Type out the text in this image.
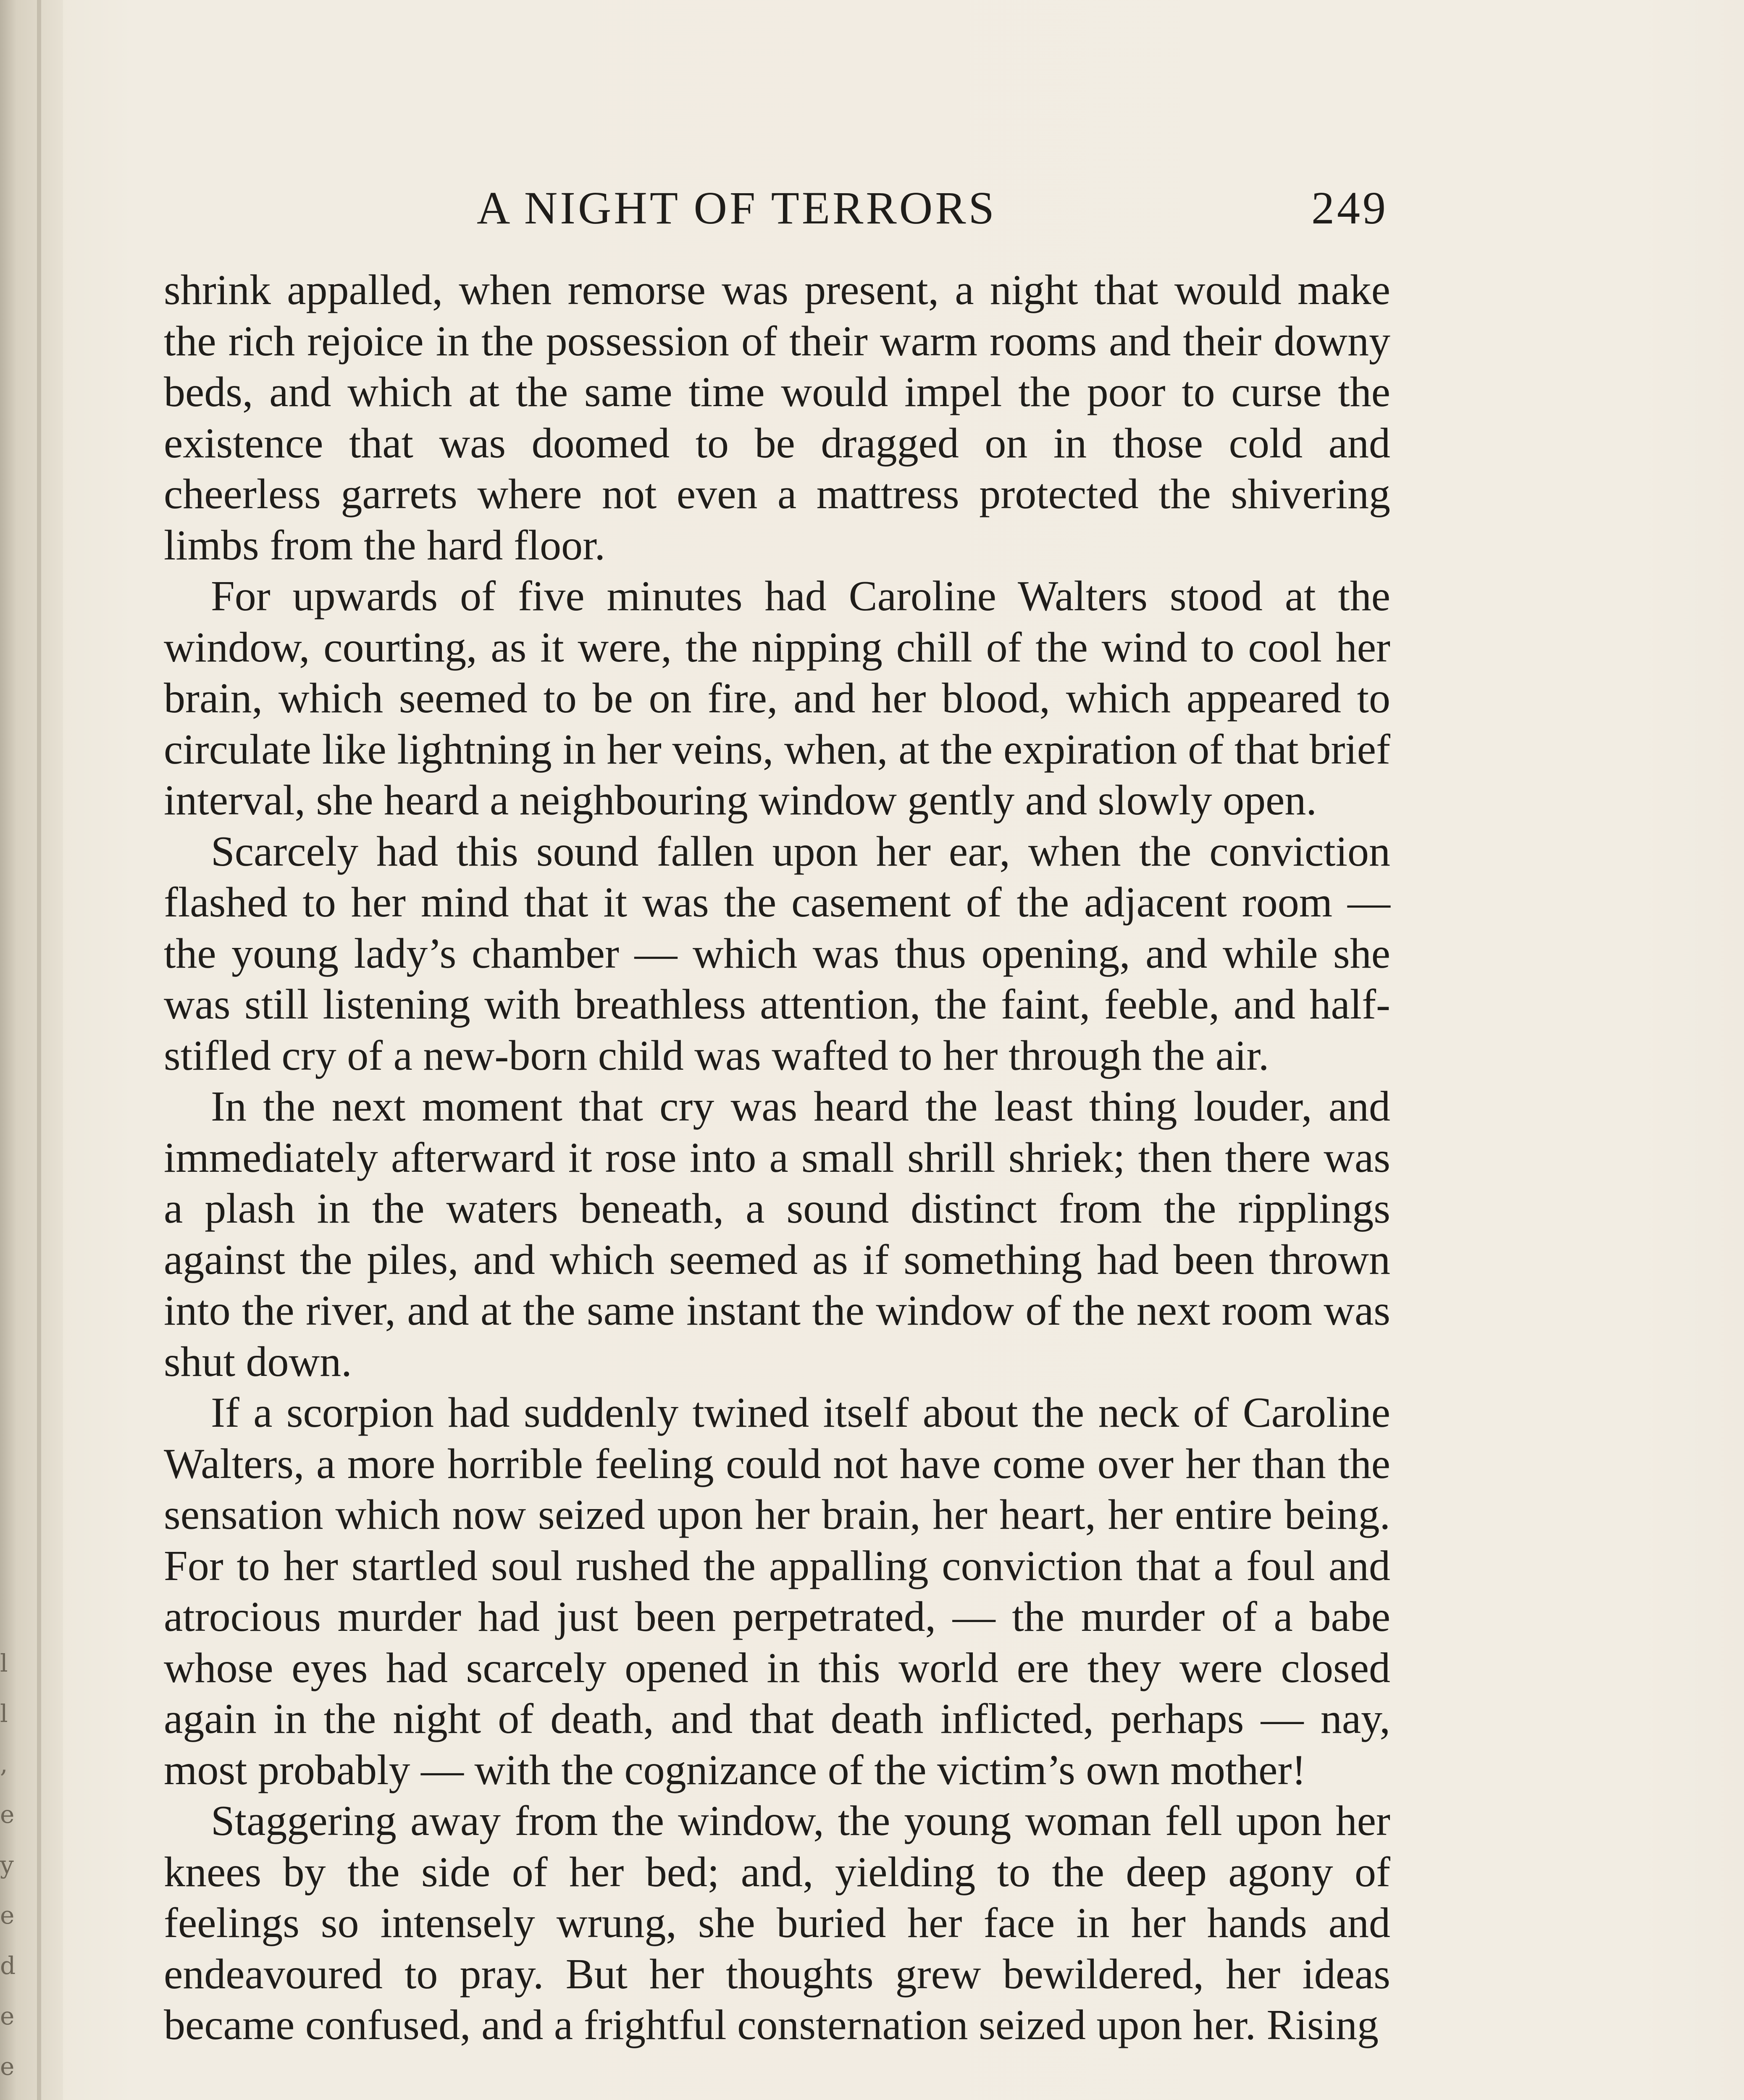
l
l
,
e
y
e
d
e
e
A NIGHT OF TERRORS	249

shrink appalled, when remorse was present, a night that would make the rich rejoice in the possession of their warm rooms and their downy beds, and which at the same time would impel the poor to curse the existence that was doomed to be dragged on in those cold and cheerless garrets where not even a mattress protected the shivering limbs from the hard floor.

For upwards of five minutes had Caroline Walters stood at the window, courting, as it were, the nipping chill of the wind to cool her brain, which seemed to be on fire, and her blood, which appeared to circulate like lightning in her veins, when, at the expiration of that brief interval, she heard a neighbouring window gently and slowly open.

Scarcely had this sound fallen upon her ear, when the conviction flashed to her mind that it was the casement of the adjacent room — the young lady’s chamber — which was thus opening, and while she was still listening with breathless attention, the faint, feeble, and half-stifled cry of a new-born child was wafted to her through the air.

In the next moment that cry was heard the least thing louder, and immediately afterward it rose into a small shrill shriek; then there was a plash in the waters beneath, a sound distinct from the ripplings against the piles, and which seemed as if something had been thrown into the river, and at the same instant the window of the next room was shut down.

If a scorpion had suddenly twined itself about the neck of Caroline Walters, a more horrible feeling could not have come over her than the sensation which now seized upon her brain, her heart, her entire being. For to her startled soul rushed the appalling conviction that a foul and atrocious murder had just been perpetrated, — the murder of a babe whose eyes had scarcely opened in this world ere they were closed again in the night of death, and that death inflicted, perhaps — nay, most probably — with the cognizance of the victim’s own mother!

Staggering away from the window, the young woman fell upon her knees by the side of her bed; and, yielding to the deep agony of feelings so intensely wrung, she buried her face in her hands and endeavoured to pray. But her thoughts grew bewildered, her ideas became confused, and a frightful consternation seized upon her. Rising
